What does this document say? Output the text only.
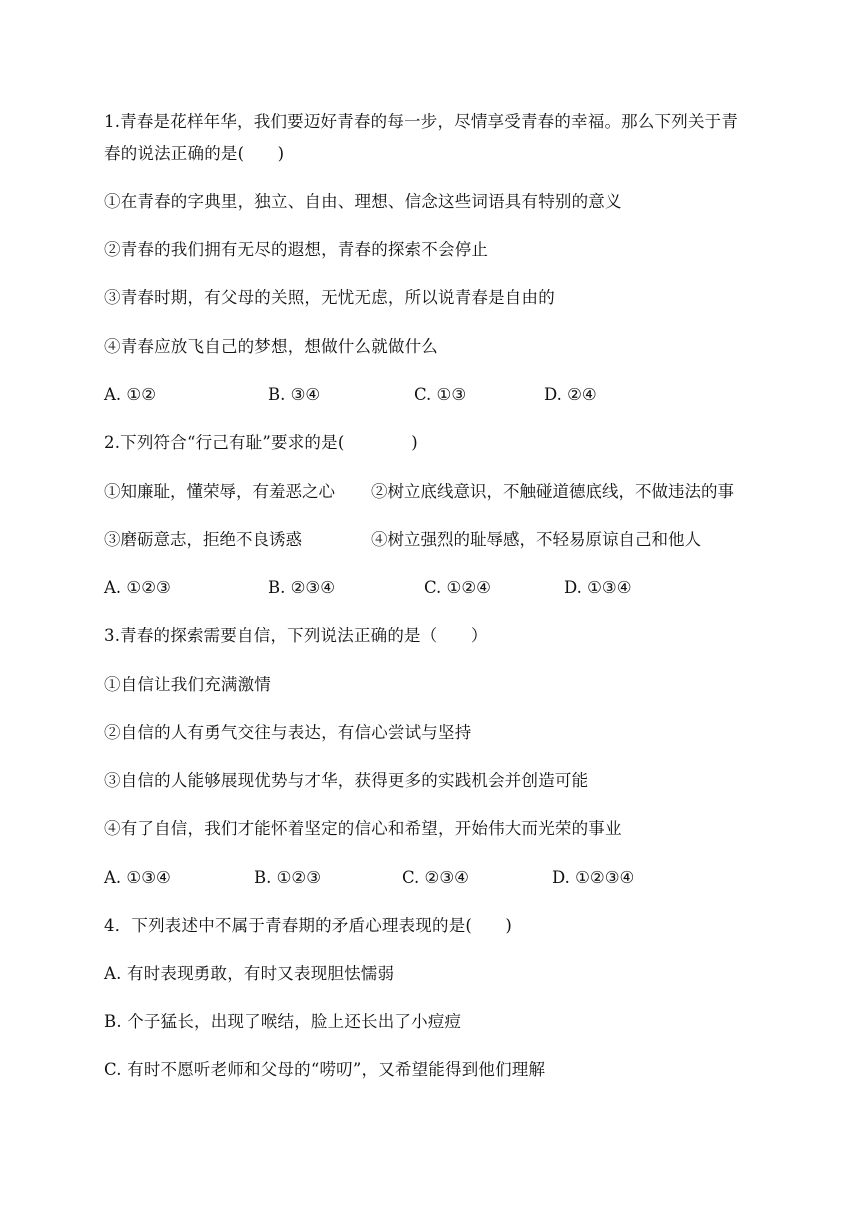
1.青春是花样年华，我们要迈好青春的每一步，尽情享受青春的幸福。那么下列关于青
春的说法正确的是(　　)
①在青春的字典里，独立、自由、理想、信念这些词语具有特别的意义
②青春的我们拥有无尽的遐想，青春的探索不会停止
③青春时期，有父母的关照，无忧无虑，所以说青春是自由的
④青春应放飞自己的梦想，想做什么就做什么
A. ①②	B. ③④	C. ①③	D. ②④
2.下列符合“行己有耻”要求的是(　　　　)
①知廉耻，懂荣辱，有羞恶之心 ②树立底线意识，不触碰道德底线，不做违法的事
③磨砺意志，拒绝不良诱惑	④树立强烈的耻辱感，不轻易原谅自己和他人
A. ①②③	B. ②③④	C. ①②④	D. ①③④
3.青春的探索需要自信，下列说法正确的是（　　）
①自信让我们充满激情
②自信的人有勇气交往与表达，有信心尝试与坚持
③自信的人能够展现优势与才华，获得更多的实践机会并创造可能
④有了自信，我们才能怀着坚定的信心和希望，开始伟大而光荣的事业
A. ①③④	B. ①②③	C. ②③④	D. ①②③④
4．下列表述中不属于青春期的矛盾心理表现的是(　　)
A. 有时表现勇敢，有时又表现胆怯懦弱
B. 个子猛长，出现了喉结，脸上还长出了小痘痘
C. 有时不愿听老师和父母的“唠叨”，又希望能得到他们理解
